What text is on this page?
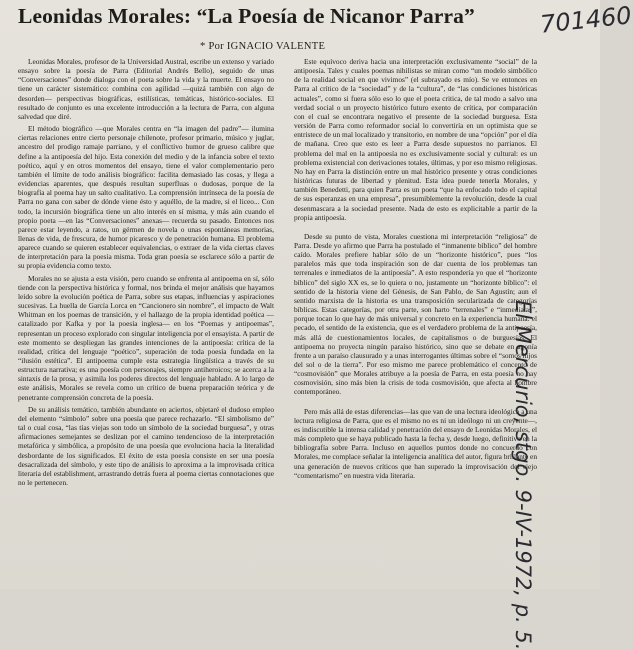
Leonidas Morales: “La Poesía de Nicanor Parra”
* Por IGNACIO VALENTE

Leonidas Morales, profesor de la Universidad Austral, escribe un extenso y variado ensayo sobre la poesía de Parra (Editorial Andrés Bello), seguido de unas “Conversaciones” donde dialoga con el poeta sobre la vida y la muerte. El ensayo no tiene un carácter sistemático: combina con agilidad —quizá también con algo de desorden— perspectivas biográficas, estilísticas, temáticas, histórico-sociales. El resultado de conjunto es una excelente introducción a la lectura de Parra, con alguna salvedad que diré.

El método biográfico —que Morales centra en “la imagen del padre”— ilumina ciertas relaciones entre cierto personaje chilenote, profesor primario, músico y juglar, ancestro del prodigo ramaje parriano, y el conflictivo humor de grueso calibre que define a la antipoesía del hijo. Esta conexión del medio y de la infancia sobre el texto poético, aquí y en otros momentos del ensayo, tiene el valor complementario pero también el límite de todo análisis biográfico: facilita demasiado las cosas, y llega a evidencias aparentes, que después resultan superfluas o dudosas, porque de la biografía al poema hay un salto cualitativo. La comprensión intrínseca de la poesía de Parra no gana con saber de dónde viene ésto y aquéllo, de la madre, si el liceo... Con todo, la incursión biográfica tiene un alto interés en sí misma, y más aún cuando el propio poeta —en las “Conversaciones” anexas— recuerda su pasado. Entonces nos parece estar leyendo, a ratos, un gérmen de novela o unas espontáneas memorias, llenas de vida, de frescura, de humor picaresco y de penetración humana. El problema aparece cuando se quieren establecer equivalencias, o extraer de la vida ciertas claves de interpretación para la poesía misma. Toda gran poesía se esclarece sólo a partir de su propia evidencia como texto.

Morales no se ajusta a esta visión, pero cuando se enfrenta al antipoema en sí, sólo tiende con la perspectiva histórica y formal, nos brinda el mejor análisis que hayamos leído sobre la evolución poética de Parra, sobre sus etapas, influencias y aspiraciones sucesivas. La huella de García Lorca en “Cancionero sin nombre”, el impacto de Walt Whitman en los poemas de transición, y el hallazgo de la propia identidad poética —catalizado por Kafka y por la poesía inglesa— en los “Poemas y antipoemas”, representan un proceso explorado con singular inteligencia por el ensayista. A partir de este momento se despliegan las grandes intenciones de la antipoesía: crítica de la realidad, crítica del lenguaje “poético”, superación de toda poesía fundada en la “ilusión estética”. El antipoema cumple esta estrategia lingüística a través de su estructura narrativa; es una poesía con personajes, siempre antiheroicos; se acerca a la sintaxis de la prosa, y asimila los poderes directos del lenguaje hablado. A lo largo de este análisis, Morales se revela como un crítico de buena preparación teórica y de penetrante comprensión concreta de la poesía.

De su análisis temático, también abundante en aciertos, objetaré el dudoso empleo del elemento “símbolo” sobre una poesía que parece rechazarlo. “El simbolismo de” tal o cual cosa, “las tías viejas son todo un símbolo de la sociedad burguesa”, y otras afirmaciones semejantes se deslizan por el camino tendencioso de la interpretación metafórica y simbólica, a propósito de una poesía que evoluciona hacia la literalidad desbordante de los significados. El éxito de esta poesía consiste en ser una poesía desacralizada del símbolo, y este tipo de análisis lo aproxima a la improvisada crítica literaria del establishment, arrastrando detrás fuera al poema ciertas connotaciones que no le pertenecen.

Este equívoco deriva hacia una interpretación exclusivamente “social” de la antipoesía. Tales y cuales poemas nihilistas se miran como “un modelo simbólico de la realidad social en que vivimos” (el subrayado es mío). Se ve entonces en Parra al crítico de la “sociedad” y de la “cultura”, de “las condiciones históricas actuales”, como si fuera sólo eso lo que el poeta critica, de tal modo a salvo una verdad social o un proyecto histórico futuro exento de crítica, por comparación con el cual se encontrara negativo el presente de la sociedad burguesa. Esta versión de Parra como reformador social lo convertiría en un optimista que se entristece de un mal localizado y transitorio, en nombre de una “opción” por el día de mañana. Creo que esto es leer a Parra desde supuestos no parrianos. El problema del mal en la antipoesía no es exclusivamente social y cultural: es un problema existencial con derivaciones totales, últimas, y por eso mismo religiosas. No hay en Parra la distinción entre un mal histórico presente y otras condiciones históricas futuras de libertad y plenitud. Esta idea puede tenerla Morales, y también Benedetti, para quien Parra es un poeta “que ha enfocado todo el capital de sus esperanzas en una empresa”, presumiblemente la revolución, desde la cual desenmascara a la sociedad presente. Nada de esto es explicitable a partir de la propia antipoesía.

Desde su punto de vista, Morales cuestiona mi interpretación “religiosa” de Parra. Desde yo afirmo que Parra ha postulado el “inmanente bíblico” del hombre caído. Morales prefiere hablar sólo de un “horizonte histórico”, pues “los paralelos más que toda inspiración son de dar cuenta de los problemas tan terrenales e inmediatos de la antipoesía”. A esto respondería yo que el “horizonte bíblico” del siglo XX es, se lo quiera o no, justamente un “horizonte bíblico”: el sentido de la historia viene del Génesis, de San Pablo, de San Agustín; aun el sentido marxista de la historia es una transposición secularizada de categorías bíblicas. Estas categorías, por otra parte, son harto “terrenales” e “inmediatas”, porque tocan lo que hay de más universal y concreto en la experiencia humana: el pecado, el sentido de la existencia, que es el verdadero problema de la antipoesía, más allá de cuestionamientos locales, de capitalismos o de burguesías. El antipoema no proyecta ningún paraíso histórico, sino que se debate en agonía frente a un paraíso clausurado y a unas interrogantes últimas sobre el “somos hijos del sol o de la tierra”. Por eso mismo me parece problemático el concepto de “cosmovisión” que Morales atribuye a la poesía de Parra, en esta poesía no hay cosmovisión, sino más bien la crisis de toda cosmovisión, que afecta al hombre contemporáneo.

Pero más allá de estas diferencias—las que van de una lectura ideológica a una lectura religiosa de Parra, que es el mismo no es ni un ideólogo ni un creyente—, es indiscutible la intensa calidad y penetración del ensayo de Leonidas Morales, el más completo que se haya publicado hasta la fecha y, desde luego, definitivo en la bibliografía sobre Parra. Incluso en aquellos puntos donde no concuerdo con Morales, me complace señalar la inteligencia analítica del autor, figura brillante en una generación de nuevos críticos que han superado la improvisación del viejo “comentarismo” en nuestra vida literaria.

701460
El Mercurio, stgo. 9-IV-1972, p. 5.
